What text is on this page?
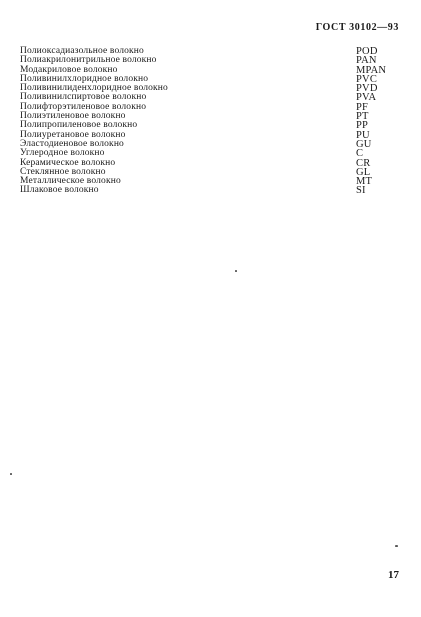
ГОСТ 30102—93
Полиоксадиазольное волокно	POD
Полиакрилонитрильное волокно	PAN
Модакриловое волокно	MPAN
Поливинилхлоридное волокно	PVC
Поливинилиденхлоридное волокно	PVD
Поливинилспиртовое волокно	PVA
Полифторэтиленовое волокно	PF
Полиэтиленовое волокно	PT
Полипропиленовое волокно	PP
Полиуретановое волокно	PU
Эластодиеновое волокно	GU
Углеродное волокно	C
Керамическое волокно	CR
Стеклянное волокно	GL
Металлическое волокно	MT
Шлаковое волокно	SI
17
